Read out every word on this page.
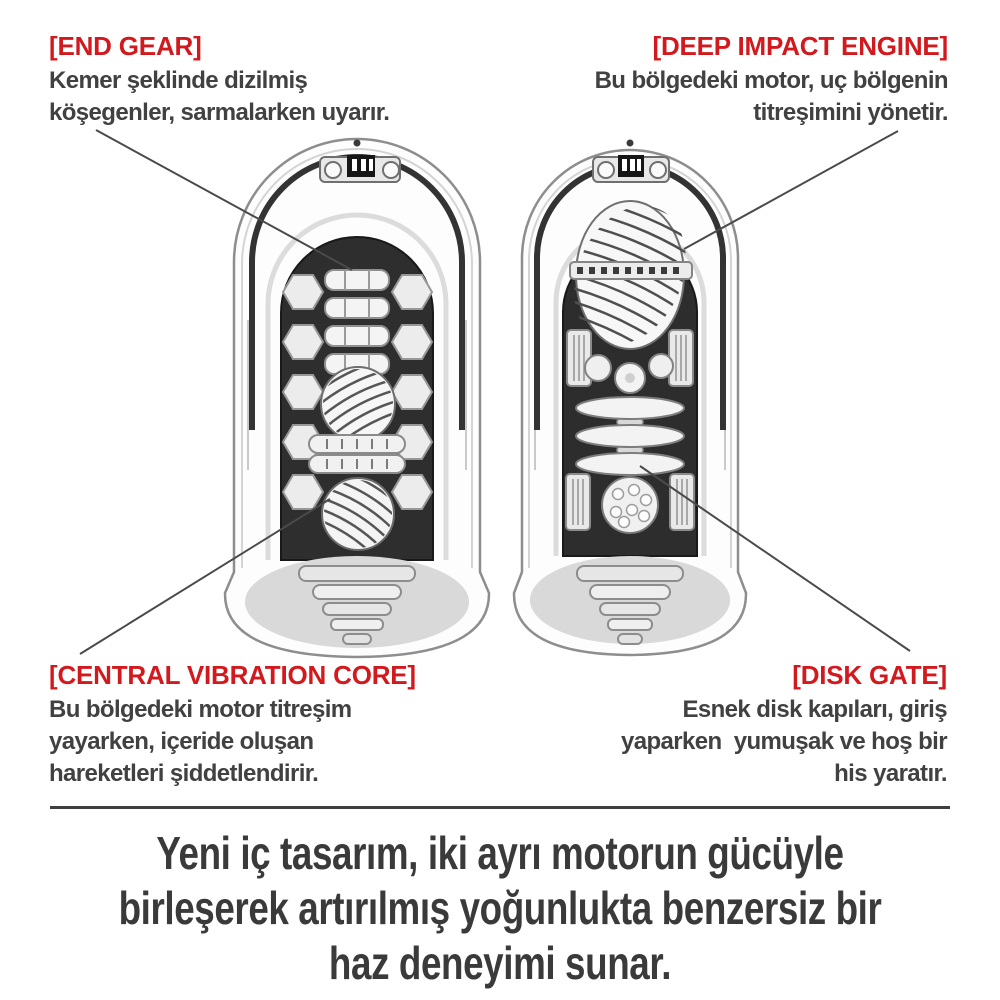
[END GEAR]
Kemer şeklinde dizilmiş
köşegenler, sarmalarken uyarır.
[DEEP IMPACT ENGINE]
Bu bölgedeki motor, uç bölgenin
titreşimini yönetir.
[CENTRAL VIBRATION CORE]
Bu bölgedeki motor titreşim
yayarken, içeride oluşan
hareketleri şiddetlendirir.
[DISK GATE]
Esnek disk kapıları, giriş
yaparken  yumuşak ve hoş bir
his yaratır.
Yeni iç tasarım, iki ayrı motorun gücüyle
birleşerek artırılmış yoğunlukta benzersiz bir
haz deneyimi sunar.
